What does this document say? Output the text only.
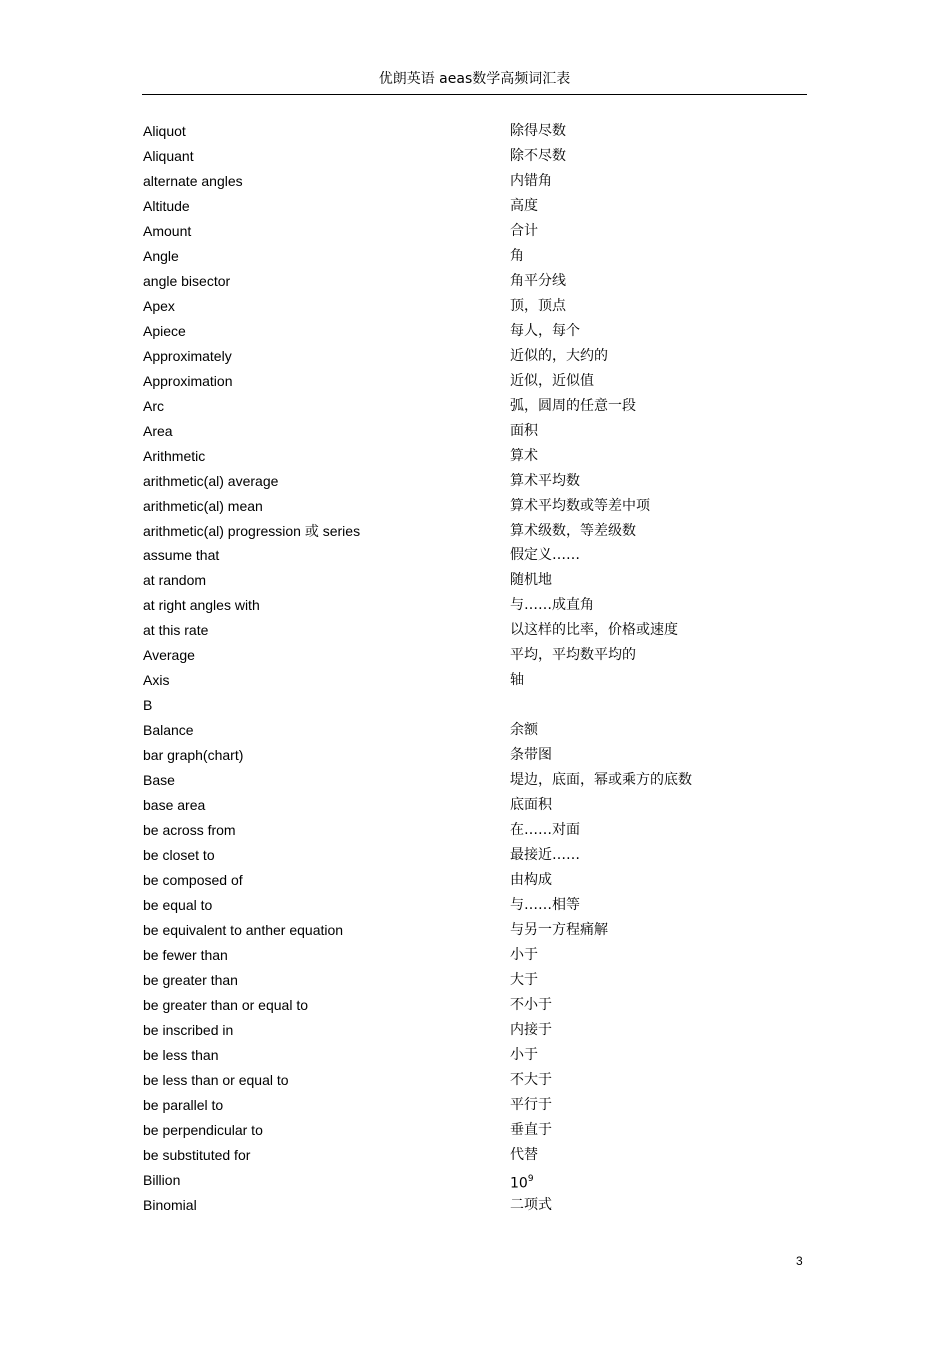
优朗英语 aeas数学高频词汇表
Aliquot	除得尽数
Aliquant	除不尽数
alternate angles	内错角
Altitude	高度
Amount	合计
Angle	角
angle bisector	角平分线
Apex	顶，顶点
Apiece	每人，每个
Approximately	近似的，大约的
Approximation	近似，近似值
Arc	弧，圆周的任意一段
Area	面积
Arithmetic	算术
arithmetic(al) average	算术平均数
arithmetic(al) mean	算术平均数或等差中项
arithmetic(al) progression 或 series	算术级数，等差级数
assume that	假定义……
at random	随机地
at right angles with	与……成直角
at this rate	以这样的比率，价格或速度
Average	平均，平均数平均的
Axis	轴
B
Balance	余额
bar graph(chart)	条带图
Base	堤边，底面，幂或乘方的底数
base area	底面积
be across from	在……对面
be closet to	最接近……
be composed of	由构成
be equal to	与……相等
be equivalent to anther equation	与另一方程痛解
be fewer than	小于
be greater than	大于
be greater than or equal to	不小于
be inscribed in	内接于
be less than	小于
be less than or equal to	不大于
be parallel to	平行于
be perpendicular to	垂直于
be substituted for	代替
Billion	$10^9$
Binomial	二项式
3
